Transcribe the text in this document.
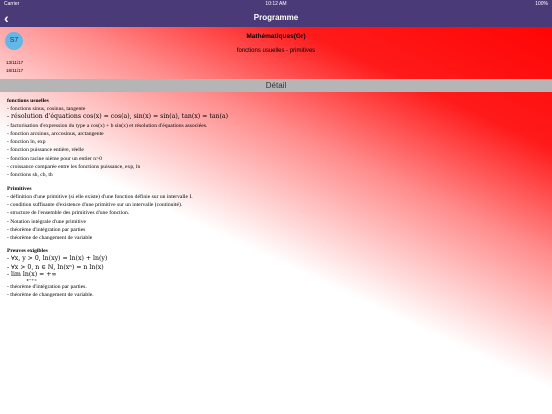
Carrier	10:12 AM	100%
‹	Programme
S7
Mathématiques(Gr)
fonctions usuelles - primitives
13/11/17
18/11/17
Détail
fonctions usuelles
- fonctions sinus, cosinus, tangente
- résolution d'équations cos(x) = cos(a), sin(x) = sin(a), tan(x) = tan(a)
- factorisation d'expression du type a cos(x) + b sin(x) et résolution d'équations associées.
- fonction arcsinus, arccosinus, arctangente
- fonction ln, exp
- fonction puissance entière, réelle
- fonction racine nième pour un entier n>0
- croissance comparée entre les fonctions puissance, exp, ln
- fonctions sh, ch, th
Primitives
- définition d'une primitive (si elle existe) d'une fonction définie sur un intervalle I.
- condition suffisante d'existence d'une primitive sur un intervalle (continuité).
- structure de l'ensemble des primitives d'une fonction.
- Notation intégrale d'une primitive
- théorème d'intégration par parties
- théorème de changement de variable
Preuves exigibles
- ∀x, y > 0, ln(xy) = ln(x) + ln(y)
- ∀x > 0, n ∈ ℕ, ln(xⁿ) = n ln(x)
- lim ln(x) = +∞
x→+∞
- théorème d'intégration par parties.
- théorème de changement de variable.
